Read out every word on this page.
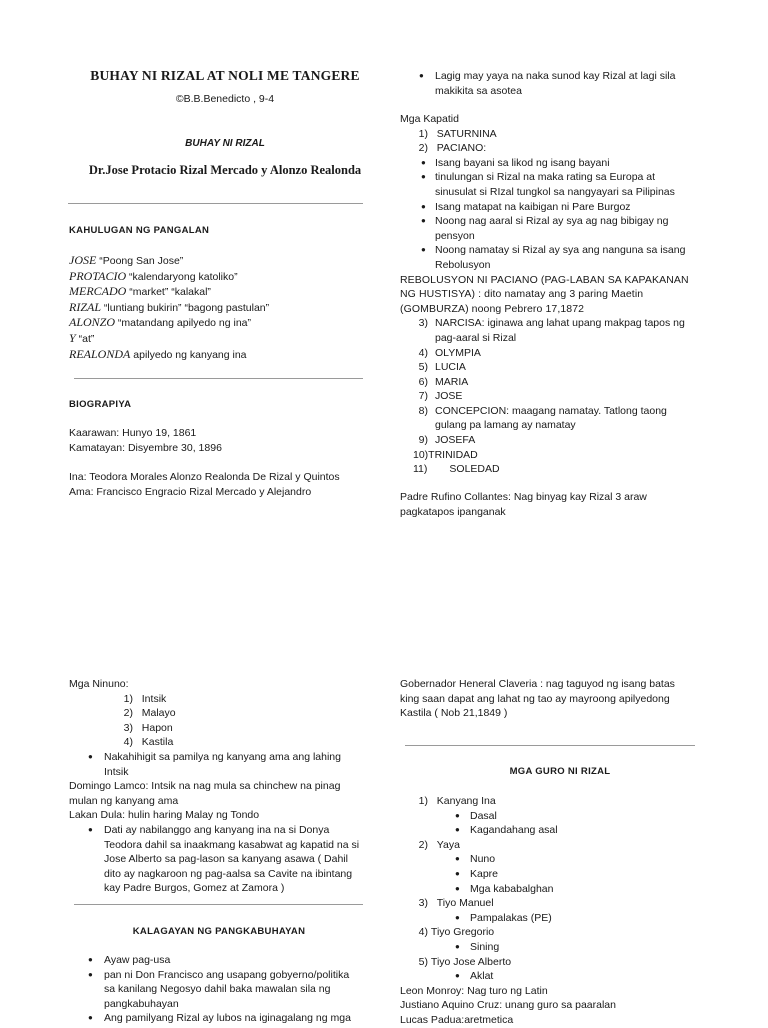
BUHAY NI RIZAL AT NOLI ME TANGERE
©B.B.Benedicto , 9-4
BUHAY NI RIZAL
Dr.Jose Protacio Rizal Mercado y Alonzo Realonda
KAHULUGAN NG PANGALAN
JOSE “Poong San Jose”
PROTACIO “kalendaryong katoliko”
MERCADO “market” “kalakal”
RIZAL “luntiang bukirin” “bagong pastulan”
ALONZO “matandang apilyedo ng ina”
Y “at”
REALONDA apilyedo ng kanyang ina
BIOGRAPIYA
Kaarawan: Hunyo 19, 1861
Kamatayan: Disyembre 30, 1896
Ina: Teodora Morales Alonzo Realonda De Rizal y Quintos
Ama: Francisco Engracio Rizal Mercado y Alejandro
Mga Ninuno:
1) Intsik
2) Malayo
3) Hapon
4) Kastila
● Nakahihigit sa pamilya ng kanyang ama ang lahing
Intsik
Domingo Lamco: Intsik na nag mula sa chinchew na pinag
mulan ng kanyang ama
Lakan Dula: hulin haring Malay ng Tondo
● Dati ay nabilanggo ang kanyang ina na si Donya
Teodora dahil sa inaakmang kasabwat ag kapatid na si
Jose Alberto sa pag-lason sa kanyang asawa ( Dahil
dito ay nagkaroon ng pag-aalsa sa Cavite na ibintang
kay Padre Burgos, Gomez at Zamora )
KALAGAYAN NG PANGKABUHAYAN
● Ayaw pag-usa
● pan ni Don Francisco ang usapang gobyerno/politika
sa kanilang Negosyo dahil baka mawalan sila ng
pangkabuhayan
● Ang pamilyang Rizal ay lubos na iginagalang ng mga
● Lagig may yaya na naka sunod kay Rizal at lagi sila
makikita sa asotea
Mga Kapatid
1) SATURNINA
2) PACIANO:
● Isang bayani sa likod ng isang bayani
● tinulungan si Rizal na maka rating sa Europa at
sinusulat si RIzal tungkol sa nangyayari sa Pilipinas
● Isang matapat na kaibigan ni Pare Burgoz
● Noong nag aaral si Rizal ay sya ag nag bibigay ng
pensyon
● Noong namatay si Rizal ay sya ang nanguna sa isang
Rebolusyon
REBOLUSYON NI PACIANO (PAG-LABAN SA KAPAKANAN
NG HUSTISYA) : dito namatay ang 3 paring Maetin
(GOMBURZA) noong Pebrero 17,1872
3) NARCISA: iginawa ang lahat upang makpag tapos ng
pag-aaral si Rizal
4) OLYMPIA
5) LUCIA
6) MARIA
7) JOSE
8) CONCEPCION: maagang namatay. Tatlong taong
gulang pa lamang ay namatay
9) JOSEFA
10)TRINIDAD
11) SOLEDAD
Padre Rufino Collantes: Nag binyag kay Rizal 3 araw
pagkatapos ipanganak
Gobernador Heneral Claveria : nag taguyod ng isang batas
king saan dapat ang lahat ng tao ay mayroong apilyedong
Kastila ( Nob 21,1849 )
MGA GURO NI RIZAL
1) Kanyang Ina
● Dasal
● Kagandahang asal
2) Yaya
● Nuno
● Kapre
● Mga kababalghan
3) Tiyo Manuel
● Pampalakas (PE)
4) Tiyo Gregorio
● Sining
5) Tiyo Jose Alberto
● Aklat
Leon Monroy: Nag turo ng Latin
Justiano Aquino Cruz: unang guro sa paaralan
Lucas Padua:aretmetica
